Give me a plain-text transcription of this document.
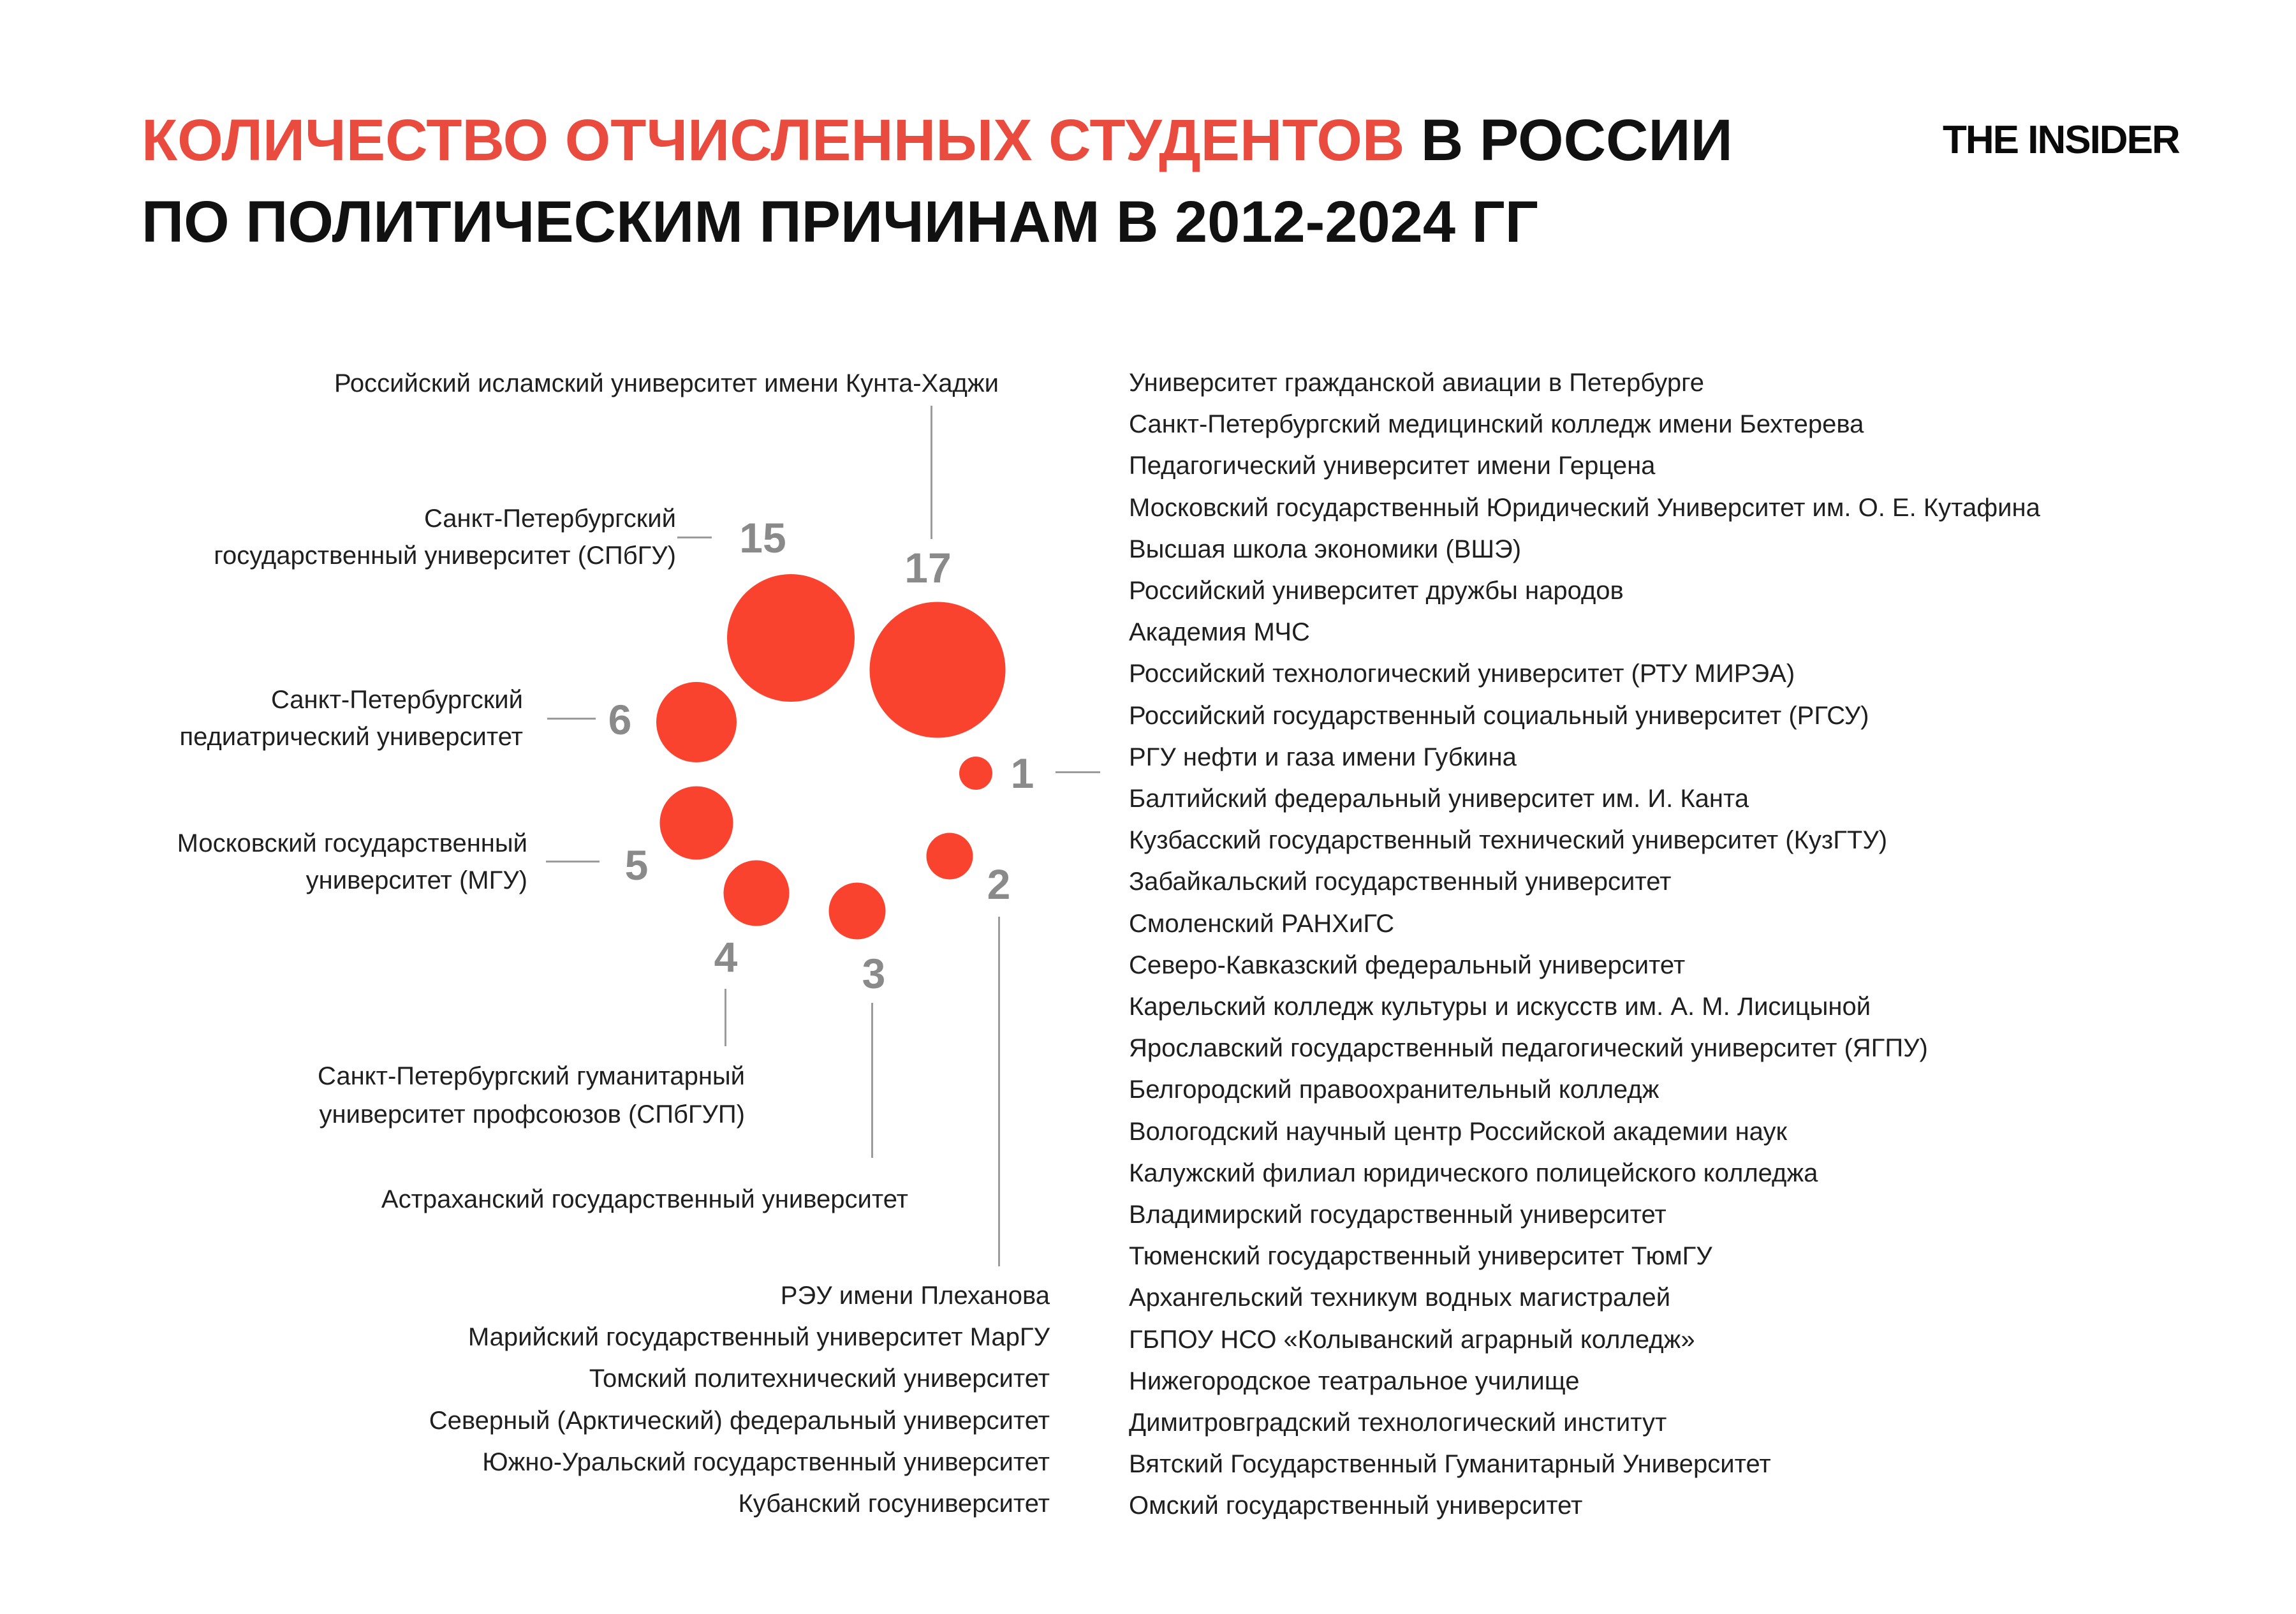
КОЛИЧЕСТВО ОТЧИСЛЕННЫХ СТУДЕНТОВ В РОССИИ
ПО ПОЛИТИЧЕСКИМ ПРИЧИНАМ В 2012-2024 ГГ
THE INSIDER
17
15
6
5
4	3
2
1
Российский исламский университет имени Кунта-Хаджи
Санкт-Петербургский
государственный университет (СПбГУ)
Санкт-Петербургский
педиатрический университет
Московский государственный
университет (МГУ)
Санкт-Петербургский гуманитарный
университет профсоюзов (СПбГУП)
Астраханский государственный университет
РЭУ имени Плеханова
Марийский государственный университет МарГУ
Томский политехнический университет
Северный (Арктический) федеральный университет
Южно-Уральский государственный университет
Кубанский госуниверситет
Университет гражданской авиации в Петербурге
Санкт-Петербургский медицинский колледж имени Бехтерева
Педагогический университет имени Герцена
Московский государственный Юридический Университет им. О. Е. Кутафина
Высшая школа экономики (ВШЭ)
Российский университет дружбы народов
Академия МЧС
Российский технологический университет (РТУ МИРЭА)
Российский государственный социальный университет (РГСУ)
РГУ нефти и газа имени Губкина
Балтийский федеральный университет им. И. Канта
Кузбасский государственный технический университет (КузГТУ)
Забайкальский государственный университет
Смоленский РАНХиГС
Северо-Кавказский федеральный университет
Карельский колледж культуры и искусств им. А. М. Лисицыной
Ярославский государственный педагогический университет (ЯГПУ)
Белгородский правоохранительный колледж
Вологодский научный центр Российской академии наук
Калужский филиал юридического полицейского колледжа
Владимирский государственный университет
Тюменский государственный университет ТюмГУ
Архангельский техникум водных магистралей
ГБПОУ НСО «Колыванский аграрный колледж»
Нижегородское театральное училище
Димитровградский технологический институт
Вятский Государственный Гуманитарный Университет
Омский государственный университет
